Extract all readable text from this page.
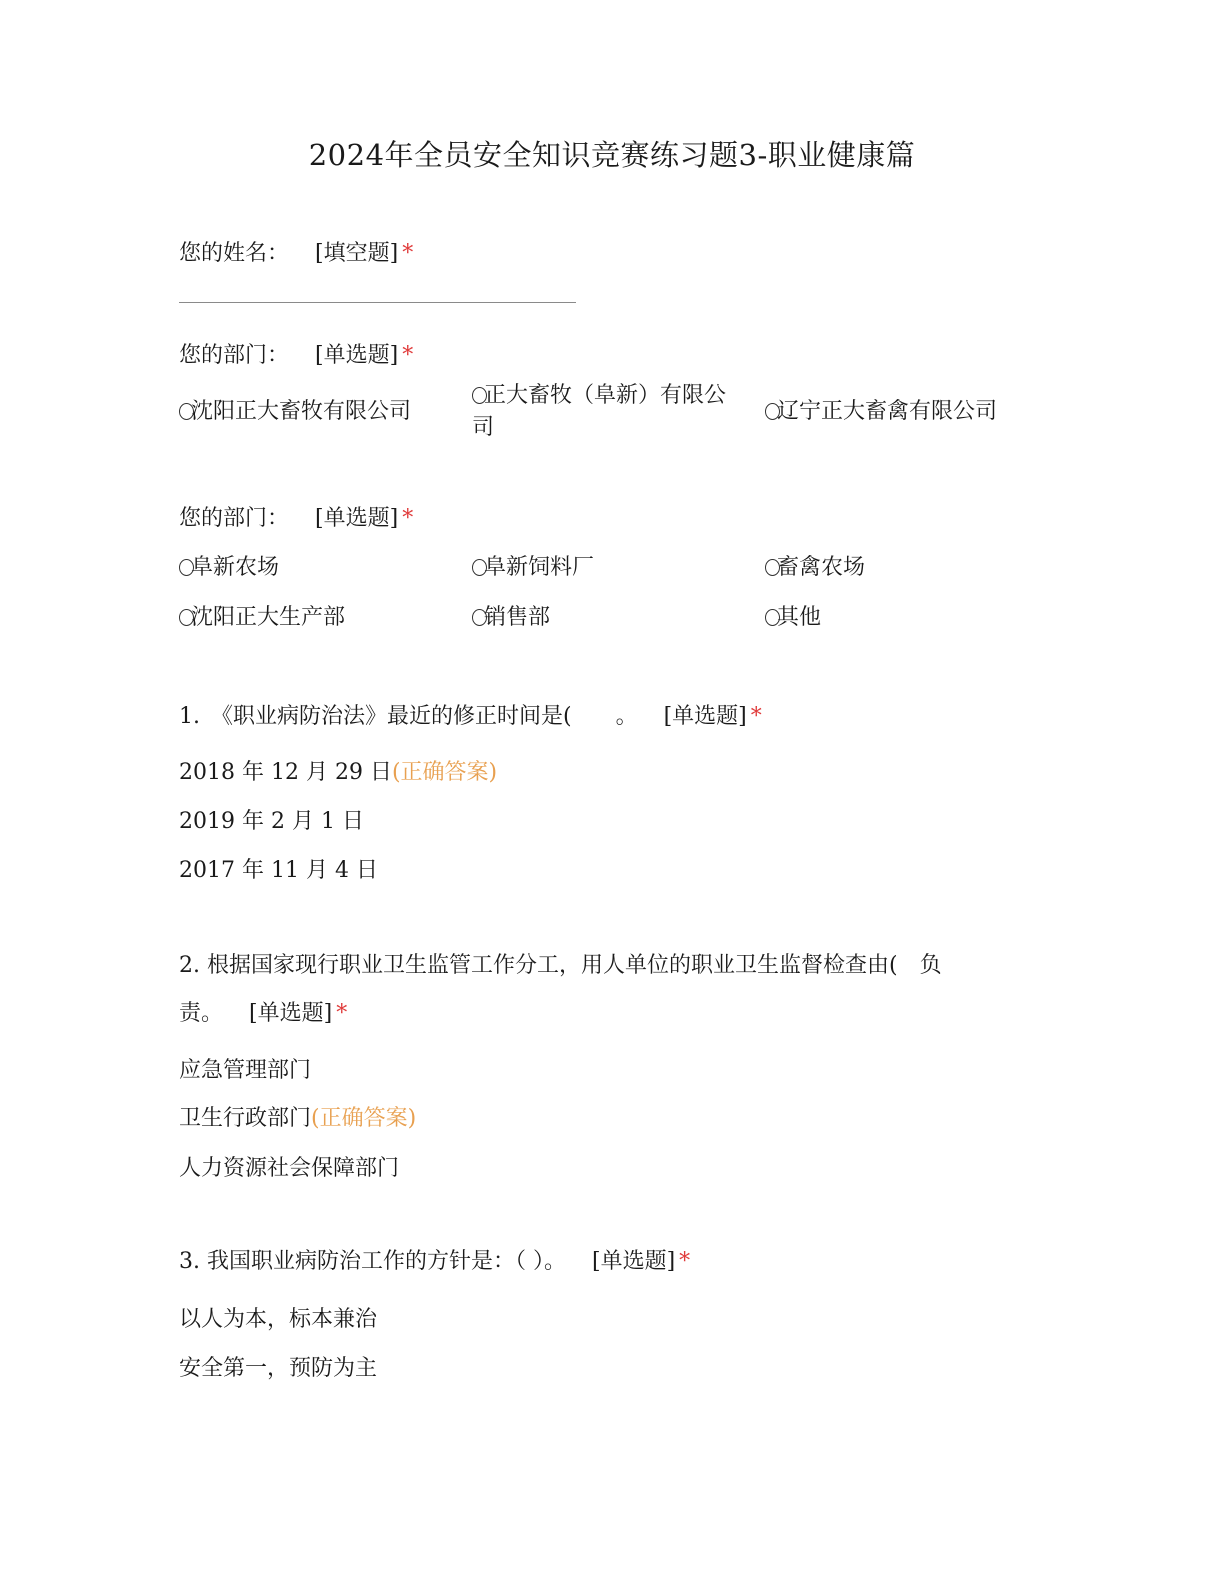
2024年全员安全知识竞赛练习题3-职业健康篇
您的姓名： [填空题] *
您的部门： [单选题] *
沈阳正大畜牧有限公司
正大畜牧（阜新）有限公司
辽宁正大畜禽有限公司
您的部门： [单选题] *
阜新农场	阜新饲料厂	畜禽农场
沈阳正大生产部	销售部	其他
1.　《职业病防治法》最近的修正时间是(　　。 [单选题] *
2018 年 12 月 29 日(正确答案)
2019 年 2 月 1 日
2017 年 11 月 4 日
2. 根据国家现行职业卫生监管工作分工，用人单位的职业卫生监督检查由(　负
责。 [单选题] *
应急管理部门
卫生行政部门(正确答案)
人力资源社会保障部门
3. 我国职业病防治工作的方针是：（ ）。 [单选题] *
以人为本，标本兼治
安全第一，预防为主
